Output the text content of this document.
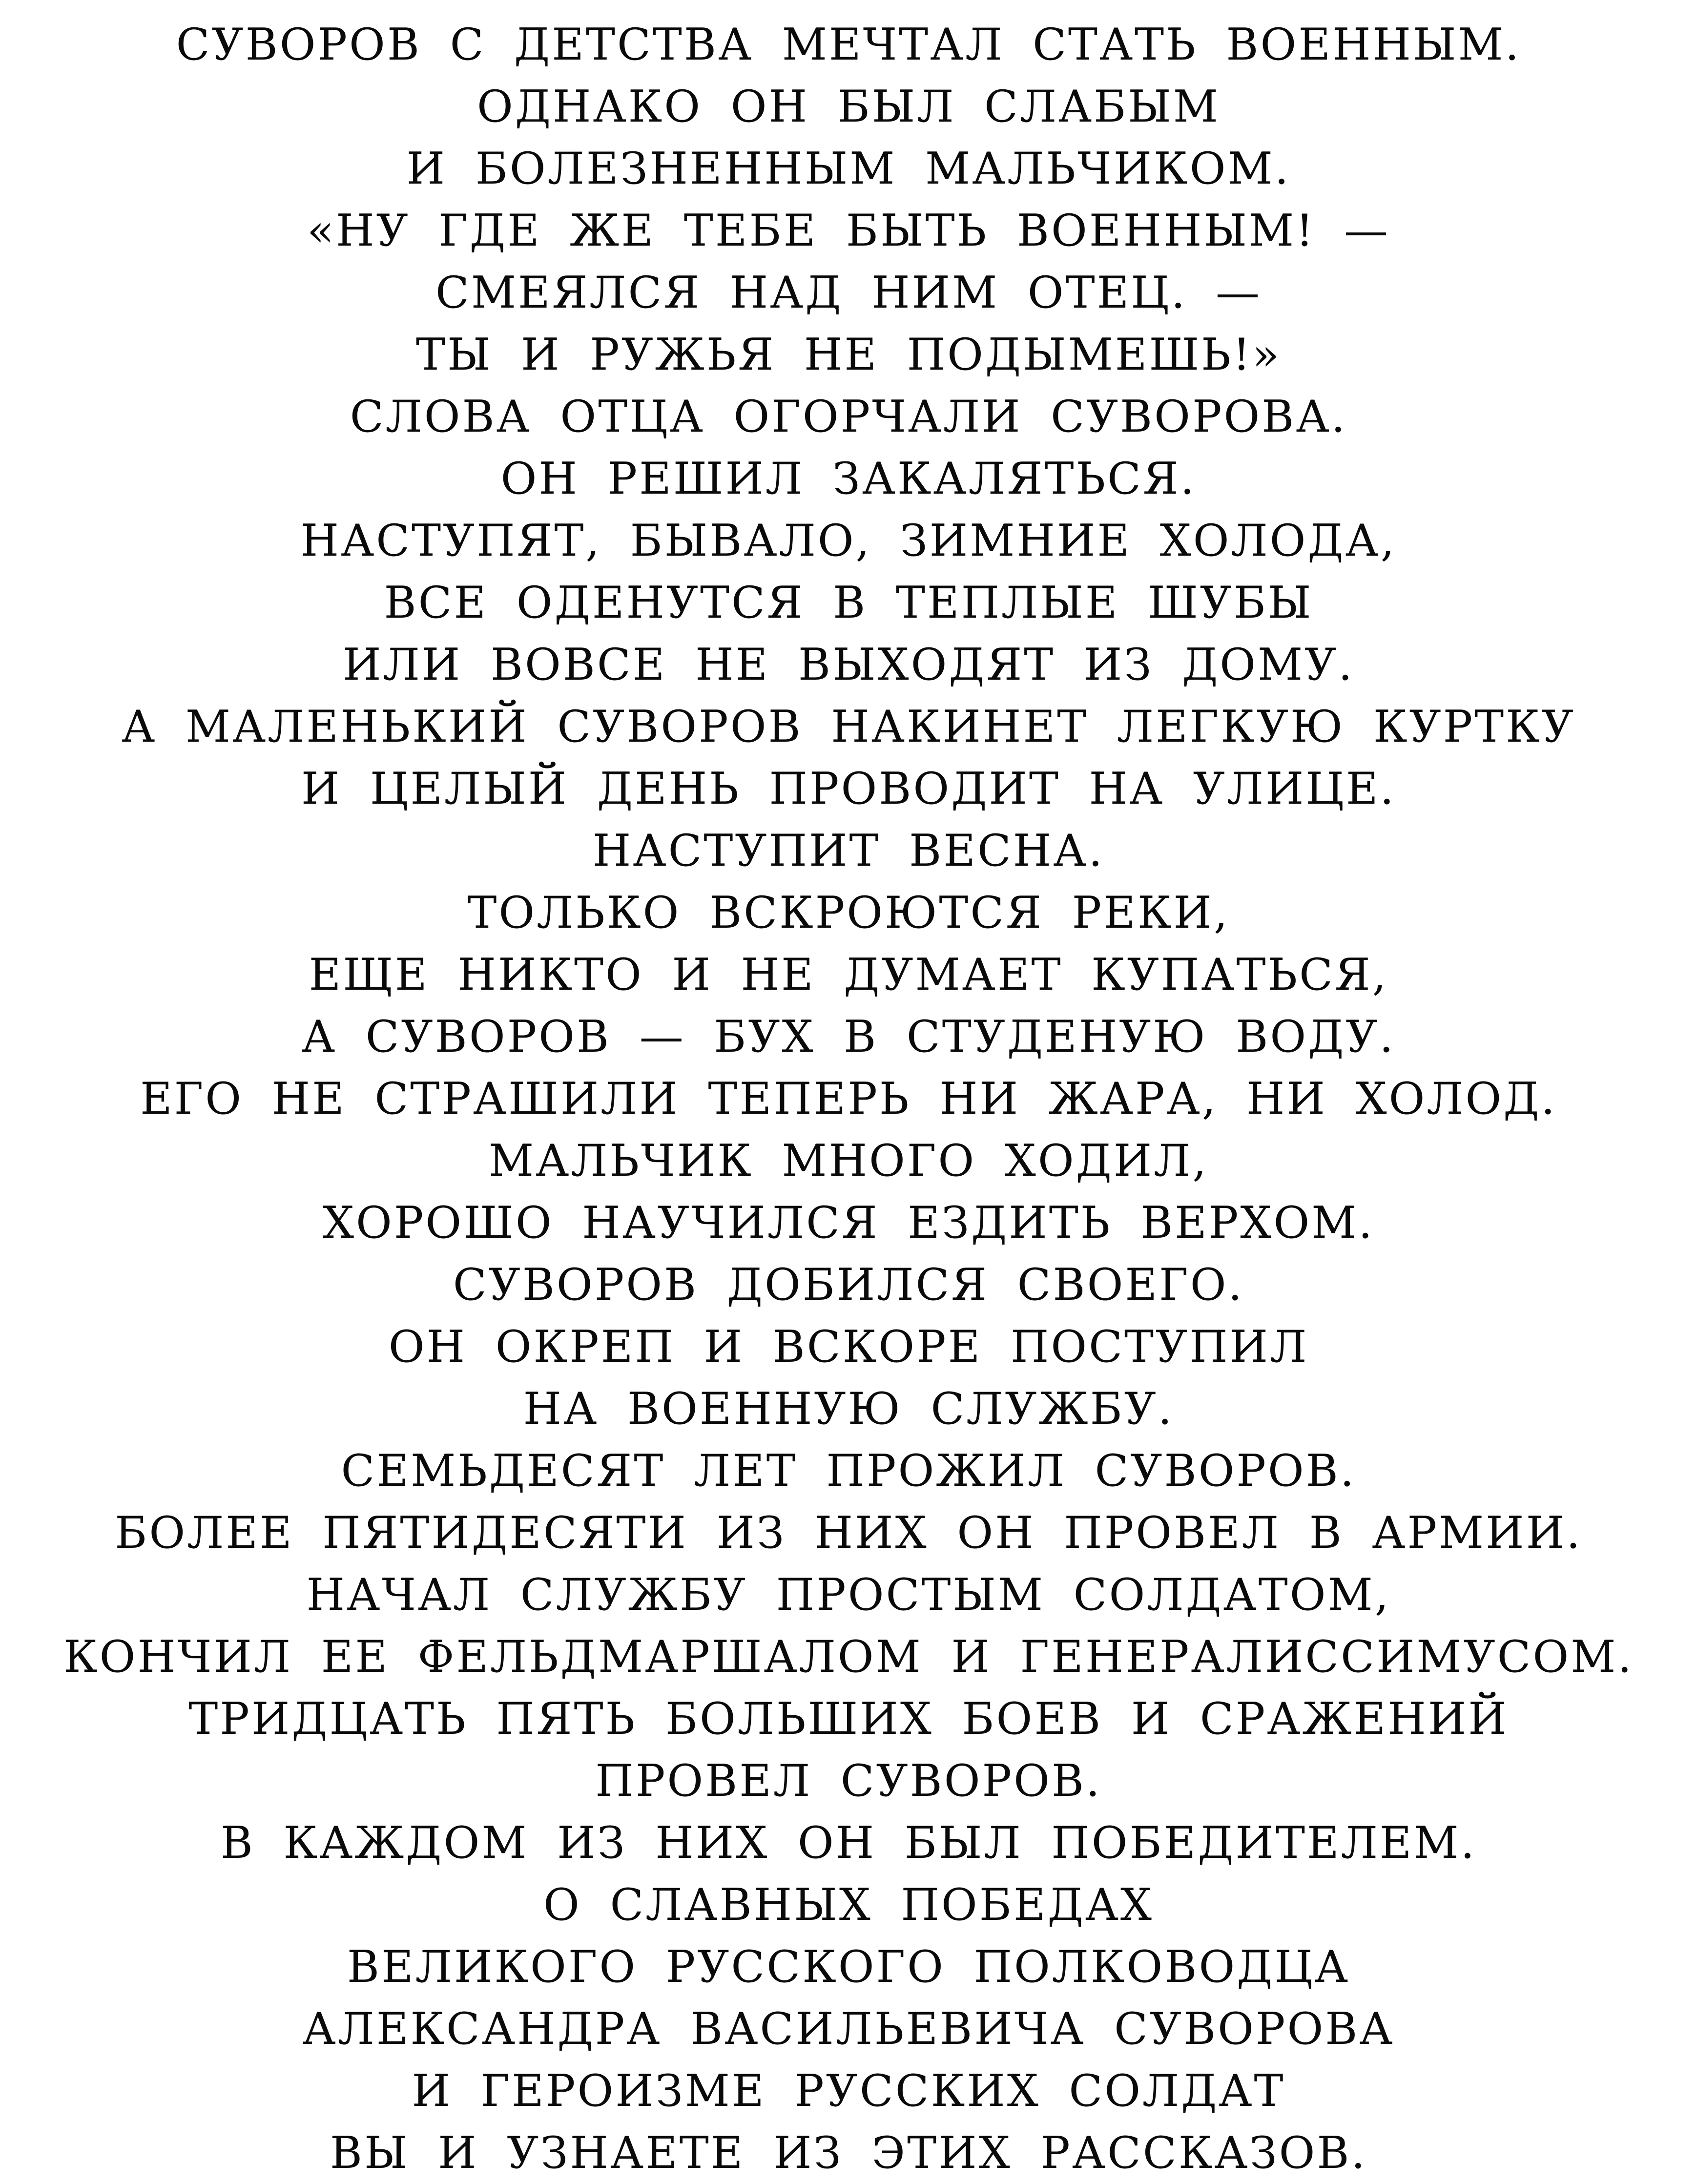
СУВОРОВ С ДЕТСТВА МЕЧТАЛ СТАТЬ ВОЕННЫМ.
ОДНАКО ОН БЫЛ СЛАБЫМ
И БОЛЕЗНЕННЫМ МАЛЬЧИКОМ.
«НУ ГДЕ ЖЕ ТЕБЕ БЫТЬ ВОЕННЫМ! —
СМЕЯЛСЯ НАД НИМ ОТЕЦ. —
ТЫ И РУЖЬЯ НЕ ПОДЫМЕШЬ!»
СЛОВА ОТЦА ОГОРЧАЛИ СУВОРОВА.
ОН РЕШИЛ ЗАКАЛЯТЬСЯ.
НАСТУПЯТ, БЫВАЛО, ЗИМНИЕ ХОЛОДА,
ВСЕ ОДЕНУТСЯ В ТЕПЛЫЕ ШУБЫ
ИЛИ ВОВСЕ НЕ ВЫХОДЯТ ИЗ ДОМУ.
А МАЛЕНЬКИЙ СУВОРОВ НАКИНЕТ ЛЕГКУЮ КУРТКУ
И ЦЕЛЫЙ ДЕНЬ ПРОВОДИТ НА УЛИЦЕ.
НАСТУПИТ ВЕСНА.
ТОЛЬКО ВСКРОЮТСЯ РЕКИ,
ЕЩЕ НИКТО И НЕ ДУМАЕТ КУПАТЬСЯ,
А СУВОРОВ — БУХ В СТУДЕНУЮ ВОДУ.
ЕГО НЕ СТРАШИЛИ ТЕПЕРЬ НИ ЖАРА, НИ ХОЛОД.
МАЛЬЧИК МНОГО ХОДИЛ,
ХОРОШО НАУЧИЛСЯ ЕЗДИТЬ ВЕРХОМ.
СУВОРОВ ДОБИЛСЯ СВОЕГО.
ОН ОКРЕП И ВСКОРЕ ПОСТУПИЛ
НА ВОЕННУЮ СЛУЖБУ.
СЕМЬДЕСЯТ ЛЕТ ПРОЖИЛ СУВОРОВ.
БОЛЕЕ ПЯТИДЕСЯТИ ИЗ НИХ ОН ПРОВЕЛ В АРМИИ.
НАЧАЛ СЛУЖБУ ПРОСТЫМ СОЛДАТОМ,
КОНЧИЛ ЕЕ ФЕЛЬДМАРШАЛОМ И ГЕНЕРАЛИССИМУСОМ.
ТРИДЦАТЬ ПЯТЬ БОЛЬШИХ БОЕВ И СРАЖЕНИЙ
ПРОВЕЛ СУВОРОВ.
В КАЖДОМ ИЗ НИХ ОН БЫЛ ПОБЕДИТЕЛЕМ.
О СЛАВНЫХ ПОБЕДАХ
ВЕЛИКОГО РУССКОГО ПОЛКОВОДЦА
АЛЕКСАНДРА ВАСИЛЬЕВИЧА СУВОРОВА
И ГЕРОИЗМЕ РУССКИХ СОЛДАТ
ВЫ И УЗНАЕТЕ ИЗ ЭТИХ РАССКАЗОВ.
